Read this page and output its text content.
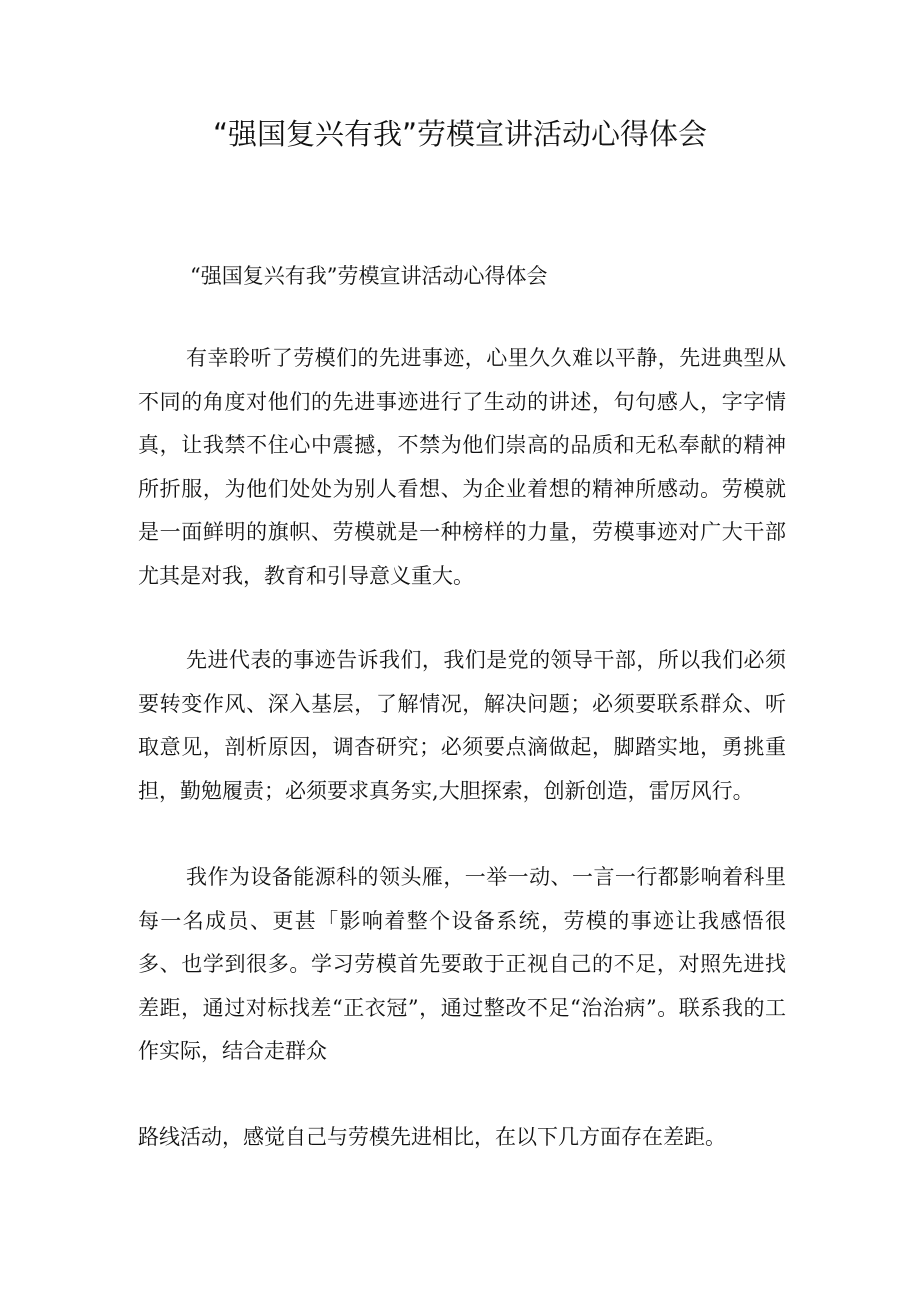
“强国复兴有我”劳模宣讲活动心得体会

“强国复兴有我”劳模宣讲活动心得体会

有幸聆听了劳模们的先进事迹，心里久久难以平静，先进典型从不同的角度对他们的先进事迹进行了生动的讲述，句句感人，字字情真，让我禁不住心中震撼，不禁为他们崇高的品质和无私奉献的精神所折服，为他们处处为别人看想、为企业着想的精神所感动。劳模就是一面鲜明的旗帜、劳模就是一种榜样的力量，劳模事迹对广大干部尤其是对我，教育和引导意义重大。

先进代表的事迹告诉我们，我们是党的领导干部，所以我们必须要转变作风、深入基层，了解情况，解决问题；必须要联系群众、听取意见，剖析原因，调杳研究；必须要点滴做起，脚踏实地，勇挑重担，勤勉履责；必须要求真务实,大胆探索，创新创造，雷厉风行。

我作为设备能源科的领头雁，一举一动、一言一行都影响着科里每一名成员、更甚「影响着整个设备系统，劳模的事迹让我感悟很多、也学到很多。学习劳模首先要敢于正视自己的不足，对照先进找差距，通过对标找差“正衣冠”，通过整改不足“治治病”。联系我的工作实际，结合走群众

路线活动，感觉自己与劳模先进相比，在以下几方面存在差距。
